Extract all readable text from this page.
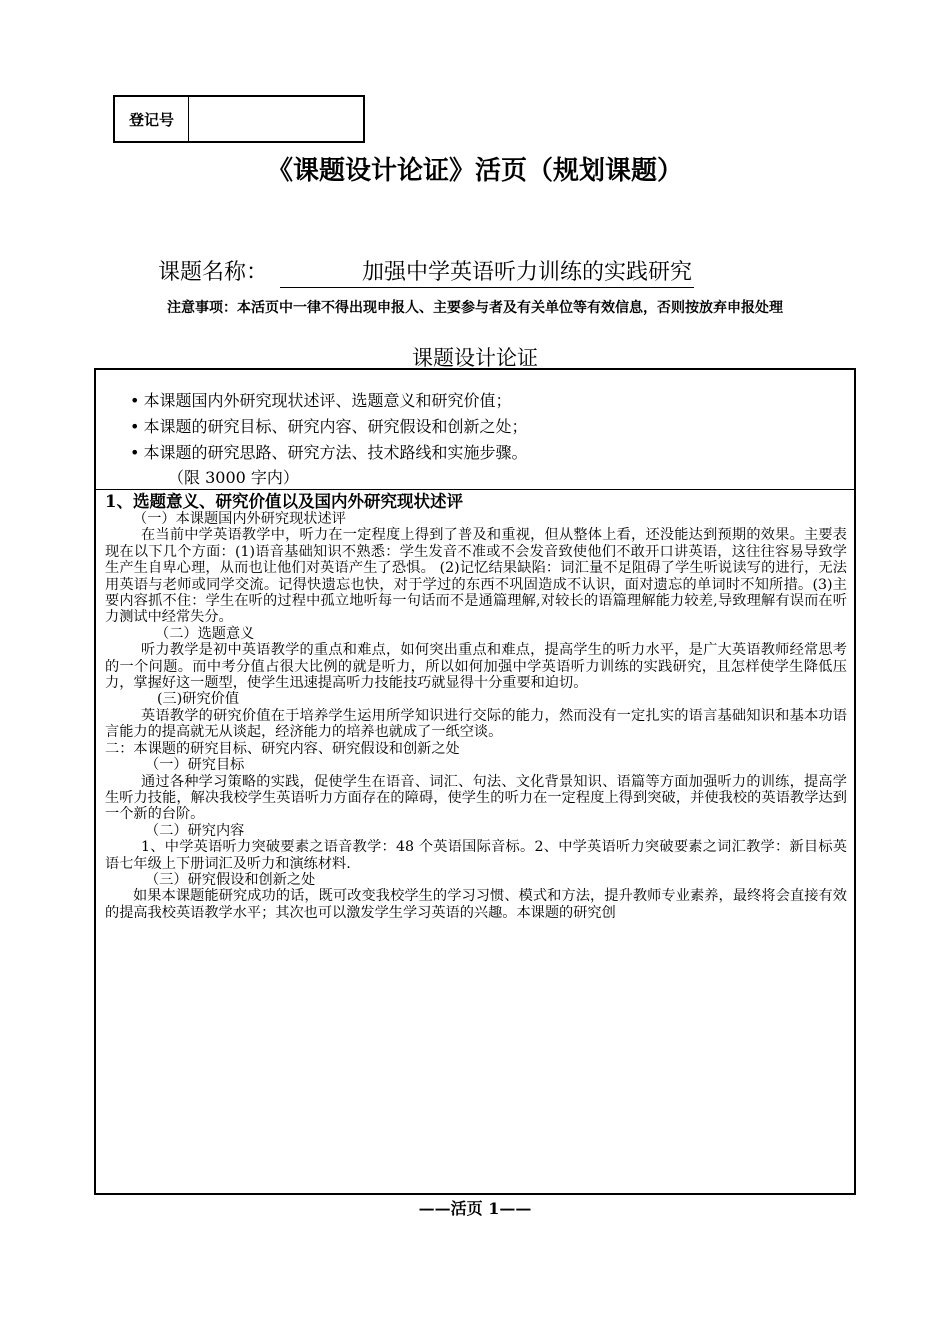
登记号
《课题设计论证》活页（规划课题）
课题名称：	加强中学英语听力训练的实践研究
注意事项：本活页中一律不得出现申报人、主要参与者及有关单位等有效信息，否则按放弃申报处理
课题设计论证
• 本课题国内外研究现状述评、选题意义和研究价值；
• 本课题的研究目标、研究内容、研究假设和创新之处；
• 本课题的研究思路、研究方法、技术路线和实施步骤。
（限 3000 字内）

1、选题意义、研究价值以及国内外研究现状述评

（一）本课题国内外研究现状述评

在当前中学英语教学中，听力在一定程度上得到了普及和重视，但从整体上看，还没能达到预期的效果。主要表现在以下几个方面：(1)语音基础知识不熟悉：学生发音不准或不会发音致使他们不敢开口讲英语，这往往容易导致学生产生自卑心理，从而也让他们对英语产生了恐惧。 (2)记忆结果缺陷：词汇量不足阻碍了学生听说读写的进行，无法用英语与老师或同学交流。记得快遗忘也快，对于学过的东西不巩固造成不认识，面对遗忘的单词时不知所措。(3)主要内容抓不住：学生在听的过程中孤立地听每一句话而不是通篇理解,对较长的语篇理解能力较差,导致理解有误而在听力测试中经常失分。

（二）选题意义

听力教学是初中英语教学的重点和难点，如何突出重点和难点，提高学生的听力水平，是广大英语教师经常思考的一个问题。而中考分值占很大比例的就是听力，所以如何加强中学英语听力训练的实践研究，且怎样使学生降低压力，掌握好这一题型，使学生迅速提高听力技能技巧就显得十分重要和迫切。

(三)研究价值

英语教学的研究价值在于培养学生运用所学知识进行交际的能力，然而没有一定扎实的语言基础知识和基本功语言能力的提高就无从谈起，经济能力的培养也就成了一纸空谈。

二：本课题的研究目标、研究内容、研究假设和创新之处

（一）研究目标

通过各种学习策略的实践，促使学生在语音、词汇、句法、文化背景知识、语篇等方面加强听力的训练，提高学生听力技能，解决我校学生英语听力方面存在的障碍，使学生的听力在一定程度上得到突破，并使我校的英语教学达到一个新的台阶。

（二）研究内容

1、中学英语听力突破要素之语音教学：48 个英语国际音标。2、中学英语听力突破要素之词汇教学：新目标英语七年级上下册词汇及听力和演练材料.

（三）研究假设和创新之处

如果本课题能研究成功的话，既可改变我校学生的学习习惯、模式和方法，提升教师专业素养，最终将会直接有效的提高我校英语教学水平；其次也可以激发学生学习英语的兴趣。本课题的研究创

——活页 1——
